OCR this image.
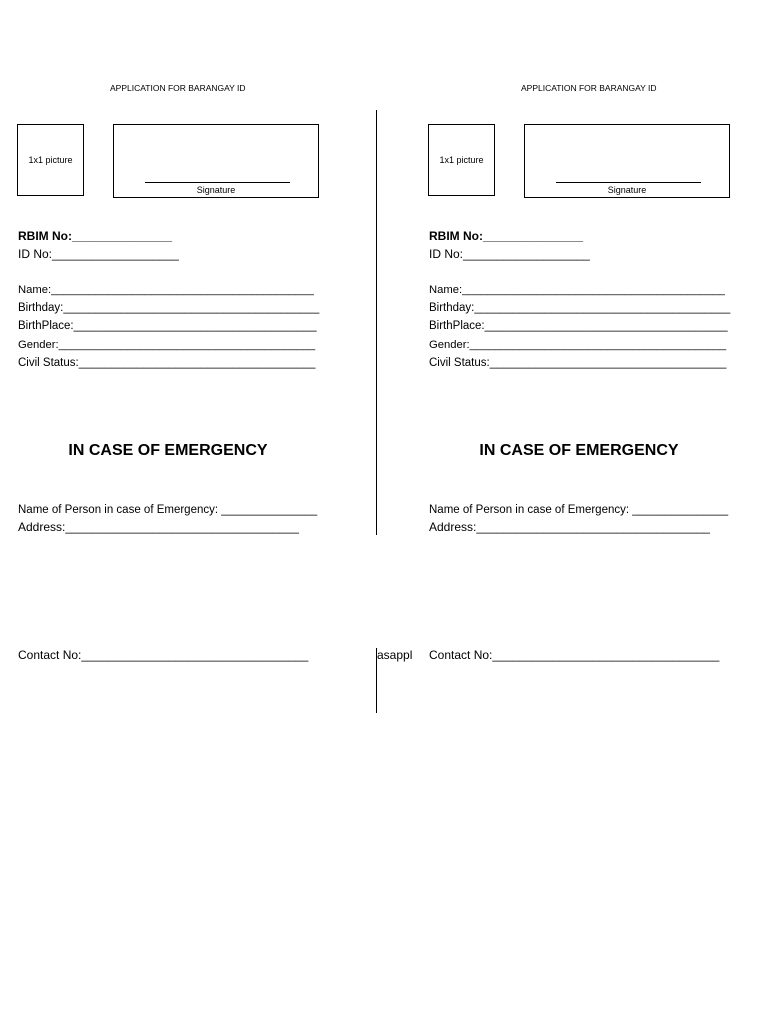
APPLICATION FOR BARANGAY ID
1x1 picture
Signature
RBIM No:_______________
ID No:___________________
Name:__________________________________________
Birthday:________________________________________
BirthPlace:______________________________________
Gender:_________________________________________
Civil Status:_____________________________________
IN CASE OF EMERGENCY
Name of Person in case of Emergency: _______________
Address:___________________________________
Contact No:__________________________________	asappl
APPLICATION FOR BARANGAY ID
1x1 picture
Signature
RBIM No:_______________
ID No:___________________
Name:__________________________________________
Birthday:________________________________________
BirthPlace:______________________________________
Gender:_________________________________________
Civil Status:_____________________________________
IN CASE OF EMERGENCY
Name of Person in case of Emergency: _______________
Address:___________________________________
Contact No:__________________________________
